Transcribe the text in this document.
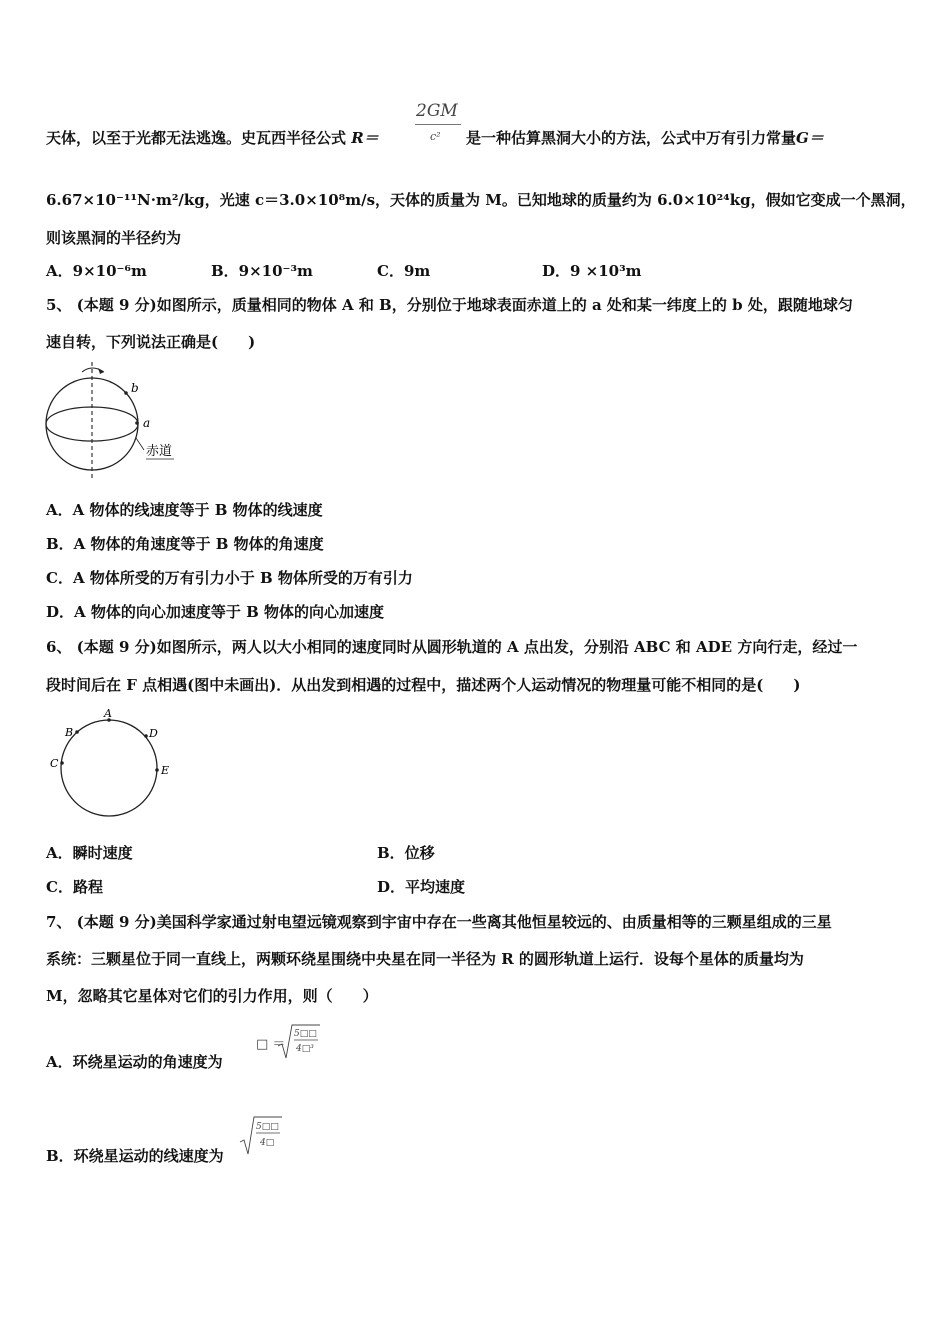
天体，以至于光都无法逃逸。史瓦西半径公式 R＝
2GM
c² 是一种估算黑洞大小的方法，公式中万有引力常量G＝
6.67×10⁻¹¹N·m²/kg，光速 c＝3.0×10⁸m/s，天体的质量为 M。已知地球的质量约为 6.0×10²⁴kg，假如它变成一个黑洞，
则该黑洞的半径约为
A．9×10⁻⁶m	B．9×10⁻³m	C．9m	D．9 ×10³m
5、 (本题 9 分)如图所示，质量相同的物体 A 和 B，分别位于地球表面赤道上的 a 处和某一纬度上的 b 处，跟随地球匀
速自转，下列说法正确是(　　)
b
a
赤道
A．A 物体的线速度等于 B 物体的线速度
B．A 物体的角速度等于 B 物体的角速度
C．A 物体所受的万有引力小于 B 物体所受的万有引力
D．A 物体的向心加速度等于 B 物体的向心加速度
6、 (本题 9 分)如图所示，两人以大小相同的速度同时从圆形轨道的 A 点出发，分别沿 ABC 和 ADE 方向行走，经过一
段时间后在 F 点相遇(图中未画出)．从出发到相遇的过程中，描述两个人运动情况的物理量可能不相同的是(　　)
A
B
C
D
E
A．瞬时速度	B．位移
C．路程	D．平均速度
7、 (本题 9 分)美国科学家通过射电望远镜观察到宇宙中存在一些离其他恒星较远的、由质量相等的三颗星组成的三星
系统：三颗星位于同一直线上，两颗环绕星围绕中央星在同一半径为 R 的圆形轨道上运行．设每个星体的质量均为
M，忽略其它星体对它们的引力作用，则（　　）
A．环绕星运动的角速度为
□ ＝
5□□
4□³
B．环绕星运动的线速度为
5□□
4□
